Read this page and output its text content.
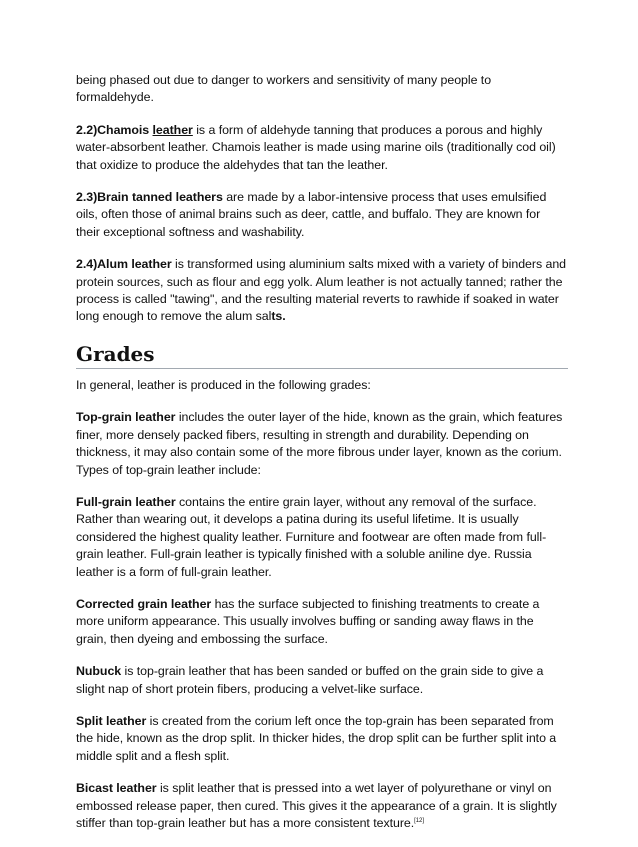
being phased out due to danger to workers and sensitivity of many people to formaldehyde.

2.2)Chamois leather is a form of aldehyde tanning that produces a porous and highly water-absorbent leather. Chamois leather is made using marine oils (traditionally cod oil) that oxidize to produce the aldehydes that tan the leather.

2.3)Brain tanned leathers are made by a labor-intensive process that uses emulsified oils, often those of animal brains such as deer, cattle, and buffalo. They are known for their exceptional softness and washability.

2.4)Alum leather is transformed using aluminium salts mixed with a variety of binders and protein sources, such as flour and egg yolk. Alum leather is not actually tanned; rather the process is called "tawing", and the resulting material reverts to rawhide if soaked in water long enough to remove the alum salts.

Grades

In general, leather is produced in the following grades:

Top-grain leather includes the outer layer of the hide, known as the grain, which features finer, more densely packed fibers, resulting in strength and durability. Depending on thickness, it may also contain some of the more fibrous under layer, known as the corium. Types of top-grain leather include:

Full-grain leather contains the entire grain layer, without any removal of the surface. Rather than wearing out, it develops a patina during its useful lifetime. It is usually considered the highest quality leather. Furniture and footwear are often made from full-grain leather. Full-grain leather is typically finished with a soluble aniline dye. Russia leather is a form of full-grain leather.

Corrected grain leather has the surface subjected to finishing treatments to create a more uniform appearance. This usually involves buffing or sanding away flaws in the grain, then dyeing and embossing the surface.

Nubuck is top-grain leather that has been sanded or buffed on the grain side to give a slight nap of short protein fibers, producing a velvet-like surface.

Split leather is created from the corium left once the top-grain has been separated from the hide, known as the drop split. In thicker hides, the drop split can be further split into a middle split and a flesh split.

Bicast leather is split leather that is pressed into a wet layer of polyurethane or vinyl on embossed release paper, then cured. This gives it the appearance of a grain. It is slightly stiffer than top-grain leather but has a more consistent texture.[12]
